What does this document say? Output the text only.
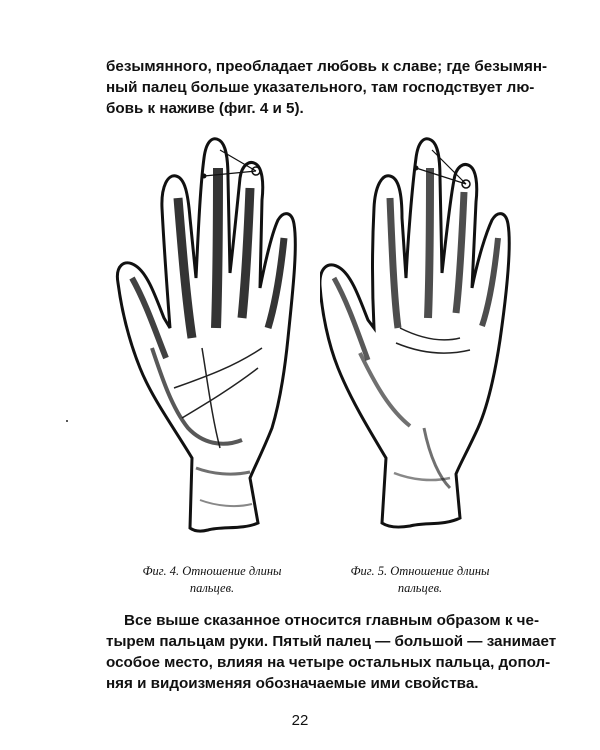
безымянного, преобладает любовь к славе; где безымян-
ный палец больше указательного, там господствует лю-
бовь к наживе (фиг. 4 и 5).

Фиг. 4. Отношение длины
пальцев.
Фиг. 5. Отношение длины
пальцев.

Все выше сказанное относится главным образом к че-
тырем пальцам руки. Пятый палец — большой — занимает
особое место, влияя на четыре остальных пальца, допол-
няя и видоизменяя обозначаемые ими свойства.

22
